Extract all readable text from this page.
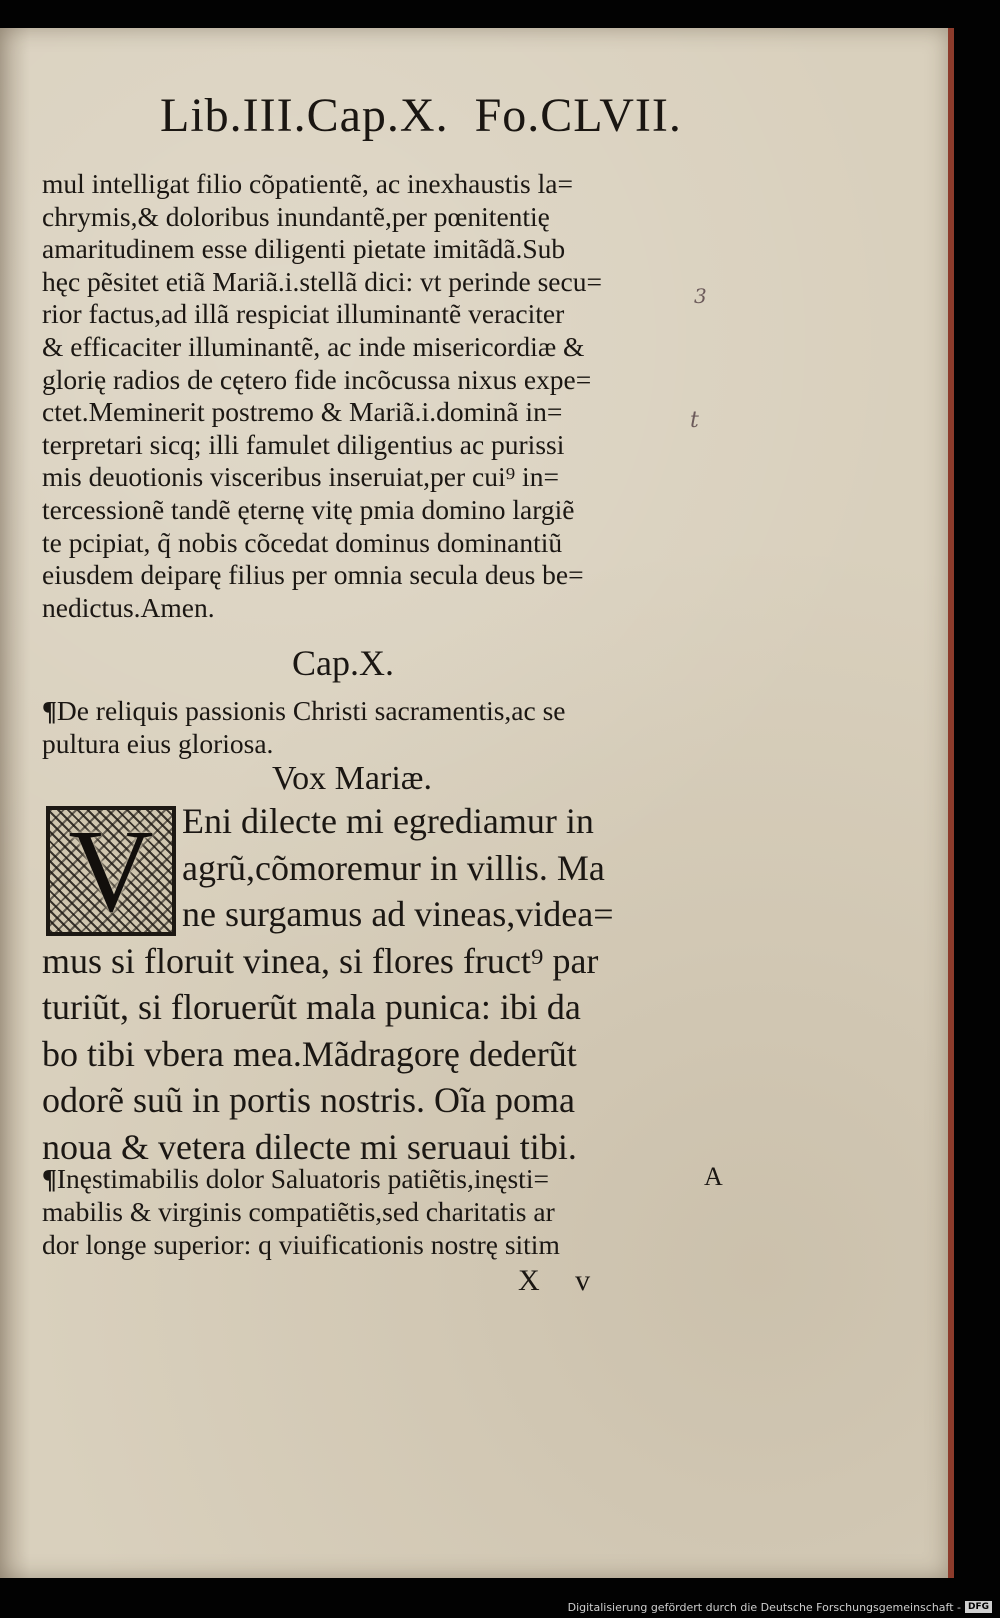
Lib.III.Cap.X. Fo.CLVII.
mul intelligat filio cõpatientẽ, ac inexhaustis la=
chrymis,& doloribus inundantẽ,per pœnitentię
amaritudinem esse diligenti pietate imitãdã.Sub
hęc pẽsitet etiã Mariã.i.stellã dici: vt perinde secu=
rior factus,ad illã respiciat illuminantẽ veraciter
& efficaciter illuminantẽ, ac inde misericordiæ &
glorię radios de cętero fide incõcussa nixus expe=
ctet.Meminerit postremo & Mariã.i.dominã in=
terpretari sicq; illi famulet diligentius ac purissi
mis deuotionis visceribus inseruiat,per cui⁹ in=
tercessionẽ tandẽ ęternę vitę pmia domino largiẽ
te pcipiat, q̃ nobis cõcedat dominus dominantiũ
eiusdem deiparę filius per omnia secula deus be=
nedictus.Amen.
Cap.X.
¶De reliquis passionis Christi sacramentis,ac se
pultura eius gloriosa.
Vox Mariæ.
V Eni dilecte mi egrediamur in
agrũ,cõmoremur in villis. Ma
ne surgamus ad vineas,videa=
mus si floruit vinea, si flores fruct⁹ par
turiũt, si floruerũt mala punica: ibi da
bo tibi vbera mea.Mãdragorę dederũt
odorẽ suũ in portis nostris. Oĩa poma
noua & vetera dilecte mi seruaui tibi.
¶Inęstimabilis dolor Saluatoris patiẽtis,inęsti=
mabilis & virginis compatiẽtis,sed charitatis ar
dor longe superior: q viuificationis nostrę sitim
X v
3
t
A
Digitalisierung gefördert durch die Deutsche Forschungsgemeinschaft - DFG
